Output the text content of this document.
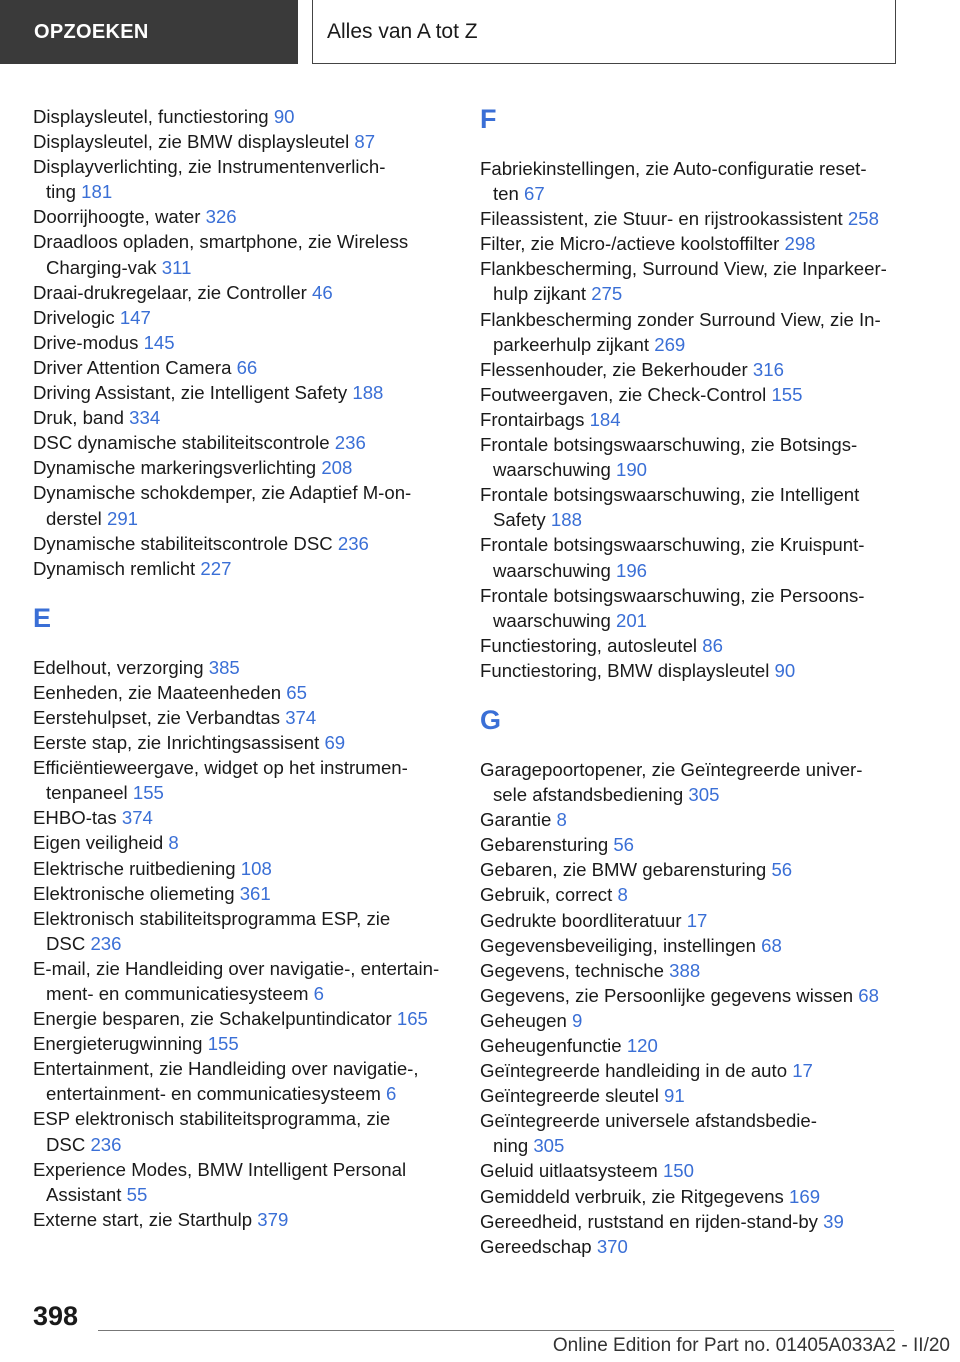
OPZOEKEN	Alles van A tot Z
Displaysleutel, functiestoring 90
Displaysleutel, zie BMW displaysleutel 87
Displayverlichting, zie Instrumentenverlich-
ting 181
Doorrijhoogte, water 326
Draadloos opladen, smartphone, zie Wireless
Charging-vak 311
Draai-drukregelaar, zie Controller 46
Drivelogic 147
Drive-modus 145
Driver Attention Camera 66
Driving Assistant, zie Intelligent Safety 188
Druk, band 334
DSC dynamische stabiliteitscontrole 236
Dynamische markeringsverlichting 208
Dynamische schokdemper, zie Adaptief M-on-
derstel 291
Dynamische stabiliteitscontrole DSC 236
Dynamisch remlicht 227
E
Edelhout, verzorging 385
Eenheden, zie Maateenheden 65
Eerstehulpset, zie Verbandtas 374
Eerste stap, zie Inrichtingsassisent 69
Efficiëntieweergave, widget op het instrumen-
tenpaneel 155
EHBO-tas 374
Eigen veiligheid 8
Elektrische ruitbediening 108
Elektronische oliemeting 361
Elektronisch stabiliteitsprogramma ESP, zie
DSC 236
E-mail, zie Handleiding over navigatie-, entertain-
ment- en communicatiesysteem 6
Energie besparen, zie Schakelpuntindicator 165
Energieterugwinning 155
Entertainment, zie Handleiding over navigatie-,
entertainment- en communicatiesysteem 6
ESP elektronisch stabiliteitsprogramma, zie
DSC 236
Experience Modes, BMW Intelligent Personal
Assistant 55
Externe start, zie Starthulp 379
F
Fabriekinstellingen, zie Auto-configuratie reset-
ten 67
Fileassistent, zie Stuur- en rijstrookassistent 258
Filter, zie Micro-/actieve koolstoffilter 298
Flankbescherming, Surround View, zie Inparkeer-
hulp zijkant 275
Flankbescherming zonder Surround View, zie In-
parkeerhulp zijkant 269
Flessenhouder, zie Bekerhouder 316
Foutweergaven, zie Check-Control 155
Frontairbags 184
Frontale botsingswaarschuwing, zie Botsings-
waarschuwing 190
Frontale botsingswaarschuwing, zie Intelligent
Safety 188
Frontale botsingswaarschuwing, zie Kruispunt-
waarschuwing 196
Frontale botsingswaarschuwing, zie Persoons-
waarschuwing 201
Functiestoring, autosleutel 86
Functiestoring, BMW displaysleutel 90
G
Garagepoortopener, zie Geïntegreerde univer-
sele afstandsbediening 305
Garantie 8
Gebarensturing 56
Gebaren, zie BMW gebarensturing 56
Gebruik, correct 8
Gedrukte boordliteratuur 17
Gegevensbeveiliging, instellingen 68
Gegevens, technische 388
Gegevens, zie Persoonlijke gegevens wissen 68
Geheugen 9
Geheugenfunctie 120
Geïntegreerde handleiding in de auto 17
Geïntegreerde sleutel 91
Geïntegreerde universele afstandsbedie-
ning 305
Geluid uitlaatsysteem 150
Gemiddeld verbruik, zie Ritgegevens 169
Gereedheid, ruststand en rijden-stand-by 39
Gereedschap 370
398
Online Edition for Part no. 01405A033A2 - II/20
